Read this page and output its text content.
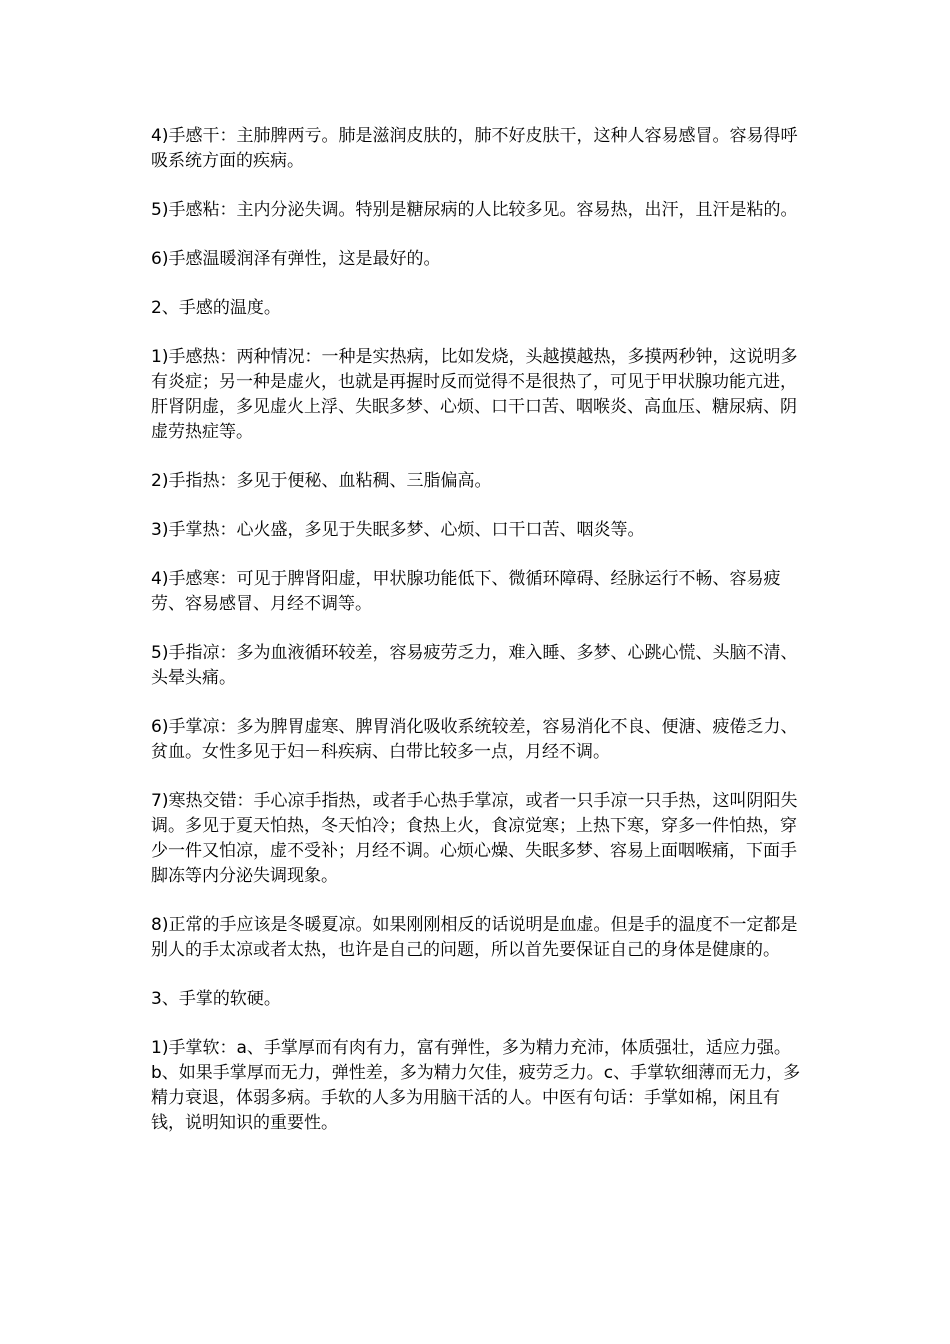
4)手感干：主肺脾两亏。肺是滋润皮肤的，肺不好皮肤干，这种人容易感冒。容易得呼吸系统方面的疾病。

5)手感粘：主内分泌失调。特别是糖尿病的人比较多见。容易热，出汗，且汗是粘的。

6)手感温暖润泽有弹性，这是最好的。

2、手感的温度。

1)手感热：两种情况：一种是实热病，比如发烧，头越摸越热，多摸两秒钟，这说明多有炎症；另一种是虚火，也就是再握时反而觉得不是很热了，可见于甲状腺功能亢进，肝肾阴虚，多见虚火上浮、失眠多梦、心烦、口干口苦、咽喉炎、高血压、糖尿病、阴虚劳热症等。

2)手指热：多见于便秘、血粘稠、三脂偏高。

3)手掌热：心火盛，多见于失眠多梦、心烦、口干口苦、咽炎等。

4)手感寒：可见于脾肾阳虚，甲状腺功能低下、微循环障碍、经脉运行不畅、容易疲劳、容易感冒、月经不调等。

5)手指凉：多为血液循环较差，容易疲劳乏力，难入睡、多梦、心跳心慌、头脑不清、头晕头痛。

6)手掌凉：多为脾胃虚寒、脾胃消化吸收系统较差，容易消化不良、便溏、疲倦乏力、贫血。女性多见于妇－科疾病、白带比较多一点，月经不调。

7)寒热交错：手心凉手指热，或者手心热手掌凉，或者一只手凉一只手热，这叫阴阳失调。多见于夏天怕热，冬天怕冷；食热上火，食凉觉寒；上热下寒，穿多一件怕热，穿少一件又怕凉，虚不受补；月经不调。心烦心燥、失眠多梦、容易上面咽喉痛，下面手脚冻等内分泌失调现象。

8)正常的手应该是冬暖夏凉。如果刚刚相反的话说明是血虚。但是手的温度不一定都是别人的手太凉或者太热，也许是自己的问题，所以首先要保证自己的身体是健康的。

3、手掌的软硬。

1)手掌软：a、手掌厚而有肉有力，富有弹性，多为精力充沛，体质强壮，适应力强。b、如果手掌厚而无力，弹性差，多为精力欠佳，疲劳乏力。c、手掌软细薄而无力，多精力衰退，体弱多病。手软的人多为用脑干活的人。中医有句话：手掌如棉，闲且有钱，说明知识的重要性。
